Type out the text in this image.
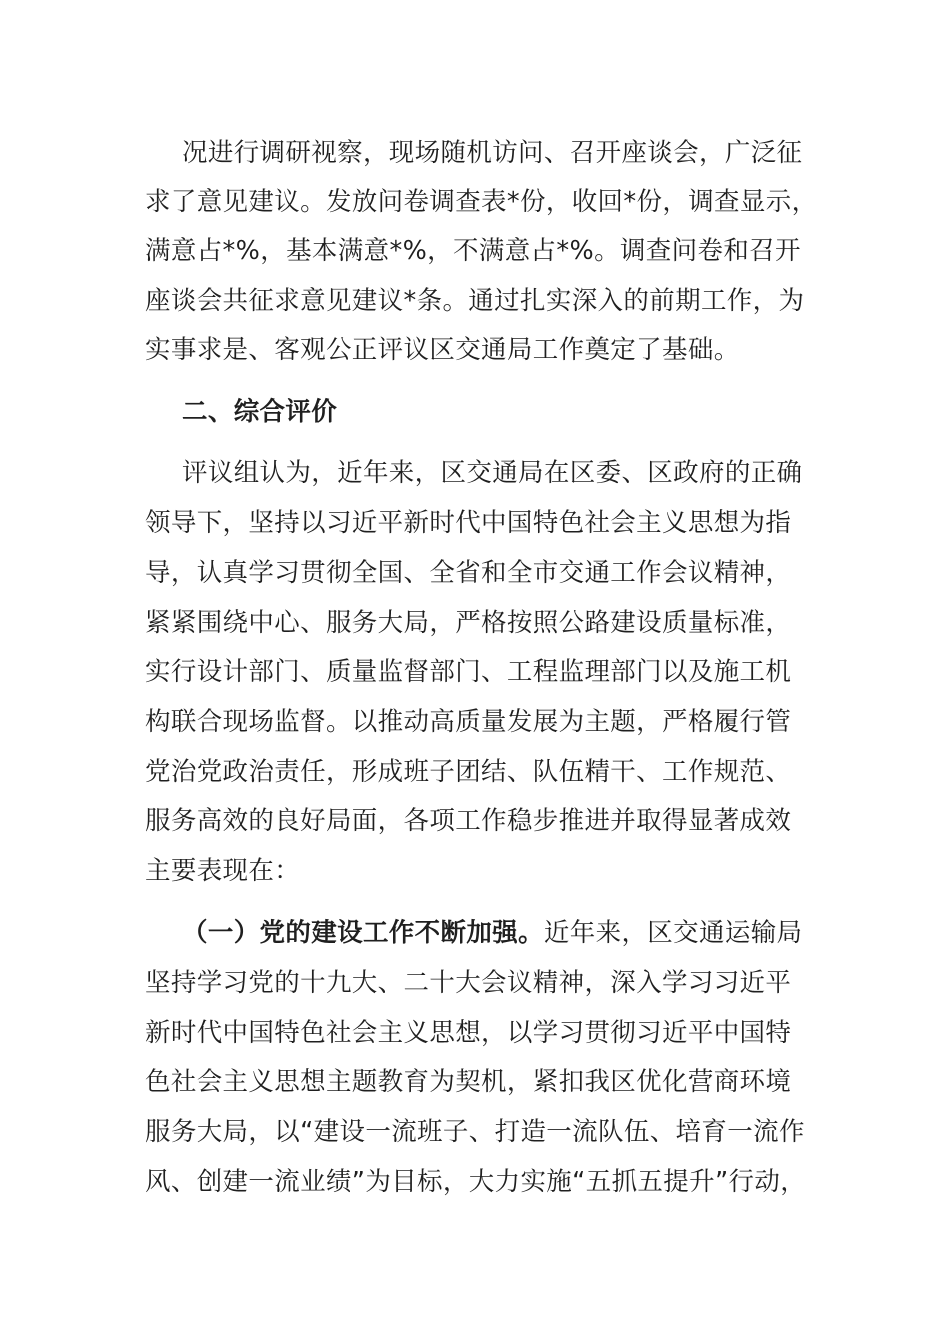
况进行调研视察，现场随机访问、召开座谈会，广泛征
求了意见建议。发放问卷调查表*份，收回*份，调查显示，
满意占*%，基本满意*%，不满意占*%。调查问卷和召开
座谈会共征求意见建议*条。通过扎实深入的前期工作，为
实事求是、客观公正评议区交通局工作奠定了基础。
二、综合评价
评议组认为，近年来，区交通局在区委、区政府的正确
领导下，坚持以习近平新时代中国特色社会主义思想为指
导，认真学习贯彻全国、全省和全市交通工作会议精神，
紧紧围绕中心、服务大局，严格按照公路建设质量标准，
实行设计部门、质量监督部门、工程监理部门以及施工机
构联合现场监督。以推动高质量发展为主题，严格履行管
党治党政治责任，形成班子团结、队伍精干、工作规范、
服务高效的良好局面，各项工作稳步推进并取得显著成效
主要表现在：
（一）党的建设工作不断加强。近年来，区交通运输局
坚持学习党的十九大、二十大会议精神，深入学习习近平
新时代中国特色社会主义思想，以学习贯彻习近平中国特
色社会主义思想主题教育为契机，紧扣我区优化营商环境
服务大局，以“建设一流班子、打造一流队伍、培育一流作
风、创建一流业绩”为目标，大力实施“五抓五提升”行动，
